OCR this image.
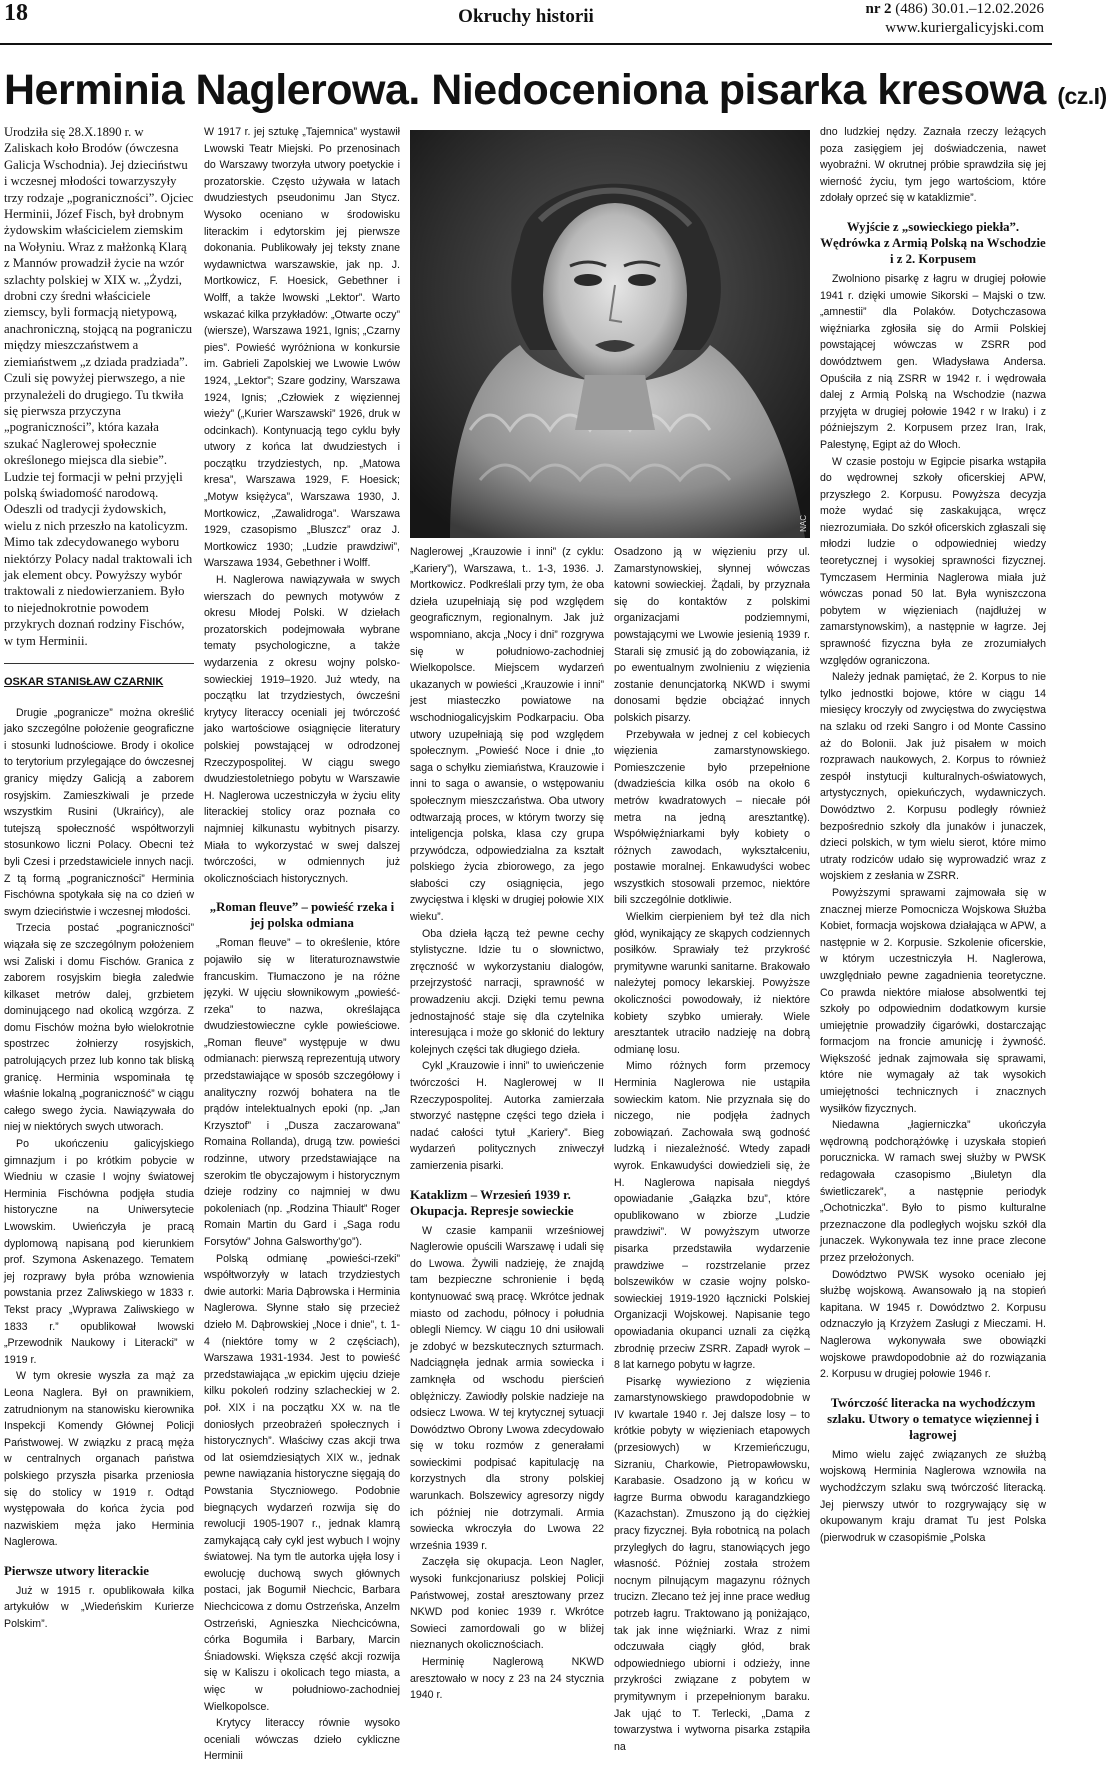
18	Okruchy historii	nr 2 (486) 30.01.–12.02.2026
www.kuriergalicyjski.com
Herminia Naglerowa. Niedoceniona pisarka kresowa (cz.I)

Urodziła się 28.X.1890 r. w Zaliskach koło Brodów (ówczesna Galicja Wschodnia). Jej dzieciństwu i wczesnej młodości towarzyszyły trzy rodzaje „pograniczności”. Ojciec Herminii, Józef Fisch, był drobnym żydowskim właścicielem ziemskim na Wołyniu. Wraz z małżonką Klarą z Mannów prowadził życie na wzór szlachty polskiej w XIX w. „Żydzi, drobni czy średni właściciele ziemscy, byli formacją nietypową, anachroniczną, stojącą na pograniczu między mieszczaństwem a ziemiaństwem „z dziada pradziada”. Czuli się powyżej pierwszego, a nie przynależeli do drugiego. Tu tkwiła się pierwsza przyczyna „pograniczności”, która kazała szukać Naglerowej społecznie określonego miejsca dla siebie”. Ludzie tej formacji w pełni przyjęli polską świadomość narodową. Odeszli od tradycji żydowskich, wielu z nich przeszło na katolicyzm. Mimo tak zdecydowanego wyboru niektórzy Polacy nadal traktowali ich jak element obcy. Powyższy wybór traktowali z niedowierzaniem. Było to niejednokrotnie powodem przykrych doznań rodziny Fischów, w tym Herminii.

OSKAR STANISŁAW CZARNIK

Drugie „pogranicze” można określić jako szczególne położenie geograficzne i stosunki ludnościowe. Brody i okolice to terytorium przylegające do ówczesnej granicy między Galicją a zaborem rosyjskim. Zamieszkiwali je przede wszystkim Rusini (Ukraińcy), ale tutejszą społeczność współtworzyli stosunkowo liczni Polacy. Obecni też byli Czesi i przedstawiciele innych nacji. Z tą formą „pograniczności” Herminia Fischówna spotykała się na co dzień w swym dzieciństwie i wczesnej młodości.

Trzecia postać „pograniczności” wiązała się ze szczególnym położeniem wsi Zaliski i domu Fischów. Granica z zaborem rosyjskim biegła zaledwie kilkaset metrów dalej, grzbietem dominującego nad okolicą wzgórza. Z domu Fischów można było wielokrotnie spostrzec żołnierzy rosyjskich, patrolujących przez lub konno tak bliską granicę. Herminia wspominała tę właśnie lokalną „pograniczność” w ciągu całego swego życia. Nawiązywała do niej w niektórych swych utworach.

Po ukończeniu galicyjskiego gimnazjum i po krótkim pobycie w Wiedniu w czasie I wojny światowej Herminia Fischówna podjęła studia historyczne na Uniwersytecie Lwowskim. Uwieńczyła je pracą dyplomową napisaną pod kierunkiem prof. Szymona Askenazego. Tematem jej rozprawy była próba wznowienia powstania przez Zaliwskiego w 1833 r. Tekst pracy „Wyprawa Zaliwskiego w 1833 r.” opublikował lwowski „Przewodnik Naukowy i Literacki” w 1919 r.

W tym okresie wyszła za mąż za Leona Naglera. Był on prawnikiem, zatrudnionym na stanowisku kierownika Inspekcji Komendy Głównej Policji Państwowej. W związku z pracą męża w centralnych organach państwa polskiego przyszła pisarka przeniosła się do stolicy w 1919 r. Odtąd występowała do końca życia pod nazwiskiem męża jako Herminia Naglerowa.

Pierwsze utwory literackie

Już w 1915 r. opublikowała kilka artykułów w „Wiedeńskim Kurierze Polskim”.

W 1917 r. jej sztukę „Tajemnica” wystawił Lwowski Teatr Miejski. Po przenosinach do Warszawy tworzyła utwory poetyckie i prozatorskie. Często używała w latach dwudziestych pseudonimu Jan Stycz. Wysoko oceniano w środowisku literackim i edytorskim jej pierwsze dokonania. Publikowały jej teksty znane wydawnictwa warszawskie, jak np. J. Mortkowicz, F. Hoesick, Gebethner i Wolff, a także lwowski „Lektor”. Warto wskazać kilka przykładów: „Otwarte oczy” (wiersze), Warszawa 1921, Ignis; „Czarny pies”. Powieść wyróżniona w konkursie im. Gabrieli Zapolskiej we Lwowie Lwów 1924, „Lektor”; Szare godziny, Warszawa 1924, Ignis; „Człowiek z więziennej wieży” („Kurier Warszawski” 1926, druk w odcinkach). Kontynuacją tego cyklu były utwory z końca lat dwudziestych i początku trzydziestych, np. „Matowa kresa”, Warszawa 1929, F. Hoesick; „Motyw księżyca”, Warszawa 1930, J. Mortkowicz, „Zawalidroga”. Warszawa 1929, czasopismo „Bluszcz” oraz J. Mortkowicz 1930; „Ludzie prawdziwi”, Warszawa 1934, Gebethner i Wolff.

H. Naglerowa nawiązywała w swych wierszach do pewnych motywów z okresu Młodej Polski. W dziełach prozatorskich podejmowała wybrane tematy psychologiczne, a także wydarzenia z okresu wojny polsko-sowieckiej 1919–1920. Już wtedy, na początku lat trzydziestych, ówcześni krytycy literaccy oceniali jej twórczość jako wartościowe osiągnięcie literatury polskiej powstającej w odrodzonej Rzeczypospolitej. W ciągu swego dwudziestoletniego pobytu w Warszawie H. Naglerowa uczestniczyła w życiu elity literackiej stolicy oraz poznała co najmniej kilkunastu wybitnych pisarzy. Miała to wykorzystać w swej dalszej twórczości, w odmiennych już okolicznościach historycznych.

„Roman fleuve” – powieść rzeka i jej polska odmiana

„Roman fleuve” – to określenie, które pojawiło się w literaturoznawstwie francuskim. Tłumaczono je na różne języki. W ujęciu słownikowym „powieść-rzeka” to nazwa, określająca dwudziestowieczne cykle powieściowe. „Roman fleuve” występuje w dwu odmianach: pierwszą reprezentują utwory przedstawiające w sposób szczegółowy i analityczny rozwój bohatera na tle prądów intelektualnych epoki (np. „Jan Krzysztof” i „Dusza zaczarowana” Romaina Rollanda), drugą tzw. powieści rodzinne, utwory przedstawiające na szerokim tle obyczajowym i historycznym dzieje rodziny co najmniej w dwu pokoleniach (np. „Rodzina Thiault” Roger Romain Martin du Gard i „Saga rodu Forsytów” Johna Galsworthy'go”).

Polską odmianę „powieści-rzeki” współtworzyły w latach trzydziestych dwie autorki: Maria Dąbrowska i Herminia Naglerowa. Słynne stało się przecież dzieło M. Dąbrowskiej „Noce i dnie”, t. 1-4 (niektóre tomy w 2 częściach), Warszawa 1931-1934. Jest to powieść przedstawiająca „w epickim ujęciu dzieje kilku pokoleń rodziny szlacheckiej w 2. poł. XIX i na początku XX w. na tle doniosłych przeobrażeń społecznych i historycznych”. Właściwy czas akcji trwa od lat osiemdziesiątych XIX w., jednak pewne nawiązania historyczne sięgają do Powstania Styczniowego. Podobnie biegnących wydarzeń rozwija się do rewolucji 1905-1907 r., jednak klamrą zamykającą cały cykl jest wybuch I wojny światowej. Na tym tle autorka ujęła losy i ewolucję duchową swych głównych postaci, jak Bogumił Niechcic, Barbara Niechcicowa z domu Ostrzeńska, Anzelm Ostrzeński, Agnieszka Niechcicówna, córka Bogumiła i Barbary, Marcin Śniadowski. Większa część akcji rozwija się w Kaliszu i okolicach tego miasta, a więc w południowo-zachodniej Wielkopolsce.

Krytycy literaccy równie wysoko oceniali wówczas dzieło cykliczne Herminii

NAC

Naglerowej „Krauzowie i inni” (z cyklu: „Kariery”), Warszawa, t.. 1-3, 1936. J. Mortkowicz. Podkreślali przy tym, że oba dzieła uzupełniają się pod względem geograficznym, regionalnym. Jak już wspomniano, akcja „Nocy i dni” rozgrywa się w południowo-zachodniej Wielkopolsce. Miejscem wydarzeń ukazanych w powieści „Krauzowie i inni” jest miasteczko powiatowe na wschodniogalicyjskim Podkarpaciu. Oba utwory uzupełniają się pod względem społecznym. „Powieść Noce i dnie „to saga o schyłku ziemiaństwa, Krauzowie i inni to saga o awansie, o wstępowaniu społecznym mieszczaństwa. Oba utwory odtwarzają proces, w którym tworzy się inteligencja polska, klasa czy grupa przywódcza, odpowiedzialna za kształt polskiego życia zbiorowego, za jego słabości czy osiągnięcia, jego zwycięstwa i klęski w drugiej połowie XIX wieku”.

Oba dzieła łączą też pewne cechy stylistyczne. Idzie tu o słownictwo, zręczność w wykorzystaniu dialogów, przejrzystość narracji, sprawność w prowadzeniu akcji. Dzięki temu pewna jednostajność staje się dla czytelnika interesująca i może go skłonić do lektury kolejnych części tak długiego dzieła.

Cykl „Krauzowie i inni” to uwieńczenie twórczości H. Naglerowej w II Rzeczypospolitej. Autorka zamierzała stworzyć następne części tego dzieła i nadać całości tytuł „Kariery”. Bieg wydarzeń politycznych zniweczył zamierzenia pisarki.

Kataklizm – Wrzesień 1939 r. Okupacja. Represje sowieckie

W czasie kampanii wrześniowej Naglerowie opuścili Warszawę i udali się do Lwowa. Żywili nadzieję, że znajdą tam bezpieczne schronienie i będą kontynuować swą pracę. Wkrótce jednak miasto od zachodu, północy i południa oblegli Niemcy. W ciągu 10 dni usiłowali je zdobyć w bezskutecznych szturmach. Nadciągnęła jednak armia sowiecka i zamknęła od wschodu pierścień oblężniczy. Zawiodły polskie nadzieje na odsiecz Lwowa. W tej krytycznej sytuacji Dowództwo Obrony Lwowa zdecydowało się w toku rozmów z generałami sowieckimi podpisać kapitulację na korzystnych dla strony polskiej warunkach. Bolszewicy agresorzy nigdy ich później nie dotrzymali. Armia sowiecka wkroczyła do Lwowa 22 września 1939 r.

Zaczęła się okupacja. Leon Nagler, wysoki funkcjonariusz polskiej Policji Państwowej, został aresztowany przez NKWD pod koniec 1939 r. Wkrótce Sowieci zamordowali go w bliżej nieznanych okolicznościach.

Herminię Naglerową NKWD aresztowało w nocy z 23 na 24 stycznia 1940 r.

Osadzono ją w więzieniu przy ul. Zamarstynowskiej, słynnej wówczas katowni sowieckiej. Żądali, by przyznała się do kontaktów z polskimi organizacjami podziemnymi, powstającymi we Lwowie jesienią 1939 r. Starali się zmusić ją do zobowiązania, iż po ewentualnym zwolnieniu z więzienia zostanie denuncjatorką NKWD i swymi donosami będzie obciążać innych polskich pisarzy.

Przebywała w jednej z cel kobiecych więzienia zamarstynowskiego. Pomieszczenie było przepełnione (dwadzieścia kilka osób na około 6 metrów kwadratowych – niecałe pół metra na jedną aresztantkę). Współwięźniarkami były kobiety o różnych zawodach, wykształceniu, postawie moralnej. Enkawudyści wobec wszystkich stosowali przemoc, niektóre bili szczególnie dotkliwie.

Wielkim cierpieniem był też dla nich głód, wynikający ze skąpych codziennych posiłków. Sprawiały też przykrość prymitywne warunki sanitarne. Brakowało należytej pomocy lekarskiej. Powyższe okoliczności powodowały, iż niektóre kobiety szybko umierały. Wiele aresztantek utraciło nadzieję na dobrą odmianę losu.

Mimo różnych form przemocy Herminia Naglerowa nie ustąpiła sowieckim katom. Nie przyznała się do niczego, nie podjęła żadnych zobowiązań. Zachowała swą godność ludzką i niezależność. Wtedy zapadł wyrok. Enkawudyści dowiedzieli się, że H. Naglerowa napisała niegdyś opowiadanie „Gałązka bzu”, które opublikowano w zbiorze „Ludzie prawdziwi”. W powyższym utworze pisarka przedstawiła wydarzenie prawdziwe – rozstrzelanie przez bolszewików w czasie wojny polsko-sowieckiej 1919-1920 łącznicki Polskiej Organizacji Wojskowej. Napisanie tego opowiadania okupanci uznali za ciężką zbrodnię przeciw ZSRR. Zapadł wyrok – 8 lat karnego pobytu w łagrze.

Pisarkę wywieziono z więzienia zamarstynowskiego prawdopodobnie w IV kwartale 1940 r. Jej dalsze losy – to krótkie pobyty w więzieniach etapowych (przesiowych) w Krzemieńczugu, Sizraniu, Charkowie, Pietropawłowsku, Karabasie. Osadzono ją w końcu w łagrze Burma obwodu karagandzkiego (Kazachstan). Zmuszono ją do ciężkiej pracy fizycznej. Była robotnicą na polach przyległych do łagru, stanowiących jego własność. Później została strożem nocnym pilnującym magazynu różnych trucizn. Zlecano też jej inne prace według potrzeb łagru. Traktowano ją poniżająco, tak jak inne więźniarki. Wraz z nimi odczuwała ciągły głód, brak odpowiedniego ubiorni i odzieży, inne przykrości związane z pobytem w prymitywnym i przepełnionym baraku. Jak ująć to T. Terlecki, „Dama z towarzystwa i wytworna pisarka zstąpiła na

dno ludzkiej nędzy. Zaznała rzeczy leżących poza zasięgiem jej doświadczenia, nawet wyobraźni. W okrutnej próbie sprawdziła się jej wierność życiu, tym jego wartościom, które zdołały oprzeć się w kataklizmie”.

Wyjście z „sowieckiego piekła”. Wędrówka z Armią Polską na Wschodzie i z 2. Korpusem

Zwolniono pisarkę z łagru w drugiej połowie 1941 r. dzięki umowie Sikorski – Majski o tzw. „amnestii” dla Polaków. Dotychczasowa więźniarka zgłosiła się do Armii Polskiej powstającej wówczas w ZSRR pod dowództwem gen. Władysława Andersa. Opuściła z nią ZSRR w 1942 r. i wędrowała dalej z Armią Polską na Wschodzie (nazwa przyjęta w drugiej połowie 1942 r w Iraku) i z późniejszym 2. Korpusem przez Iran, Irak, Palestynę, Egipt aż do Włoch.

W czasie postoju w Egipcie pisarka wstąpiła do wędrownej szkoły oficerskiej APW, przyszłego 2. Korpusu. Powyższa decyzja może wydać się zaskakująca, wręcz niezrozumiała. Do szkół oficerskich zgłaszali się młodzi ludzie o odpowiedniej wiedzy teoretycznej i wysokiej sprawności fizycznej. Tymczasem Herminia Naglerowa miała już wówczas ponad 50 lat. Była wyniszczona pobytem w więzieniach (najdłużej w zamarstynowskim), a następnie w łagrze. Jej sprawność fizyczna była ze zrozumiałych względów ograniczona.

Należy jednak pamiętać, że 2. Korpus to nie tylko jednostki bojowe, które w ciągu 14 miesięcy kroczyły od zwycięstwa do zwycięstwa na szlaku od rzeki Sangro i od Monte Cassino aż do Bolonii. Jak już pisałem w moich rozprawach naukowych, 2. Korpus to również zespół instytucji kulturalnych-oświatowych, artystycznych, opiekuńczych, wydawniczych. Dowództwo 2. Korpusu podległy również bezpośrednio szkoły dla junaków i junaczek, dzieci polskich, w tym wielu sierot, które mimo utraty rodziców udało się wyprowadzić wraz z wojskiem z zesłania w ZSRR.

Powyższymi sprawami zajmowała się w znacznej mierze Pomocnicza Wojskowa Służba Kobiet, formacja wojskowa działająca w APW, a następnie w 2. Korpusie. Szkolenie oficerskie, w którym uczestniczyła H. Naglerowa, uwzględniało pewne zagadnienia teoretyczne. Co prawda niektóre miałose absolwentki tej szkoły po odpowiednim dodatkowym kursie umiejętnie prowadziły ćigarówki, dostarczając formacjom na froncie amunicję i żywność. Większość jednak zajmowała się sprawami, które nie wymagały aż tak wysokich umiejętności technicznych i znacznych wysiłków fizycznych.

Niedawna „łagierniczka” ukończyła wędrowną podchorążówkę i uzyskała stopień porucznicka. W ramach swej służby w PWSK redagowała czasopismo „Biuletyn dla świetliczarek”, a następnie periodyk „Ochotniczka”. Było to pismo kulturalne przeznaczone dla podległych wojsku szkół dla junaczek. Wykonywała tez inne prace zlecone przez przełożonych.

Dowództwo PWSK wysoko oceniało jej służbę wojskową. Awansowało ją na stopień kapitana. W 1945 r. Dowództwo 2. Korpusu odznaczyło ją Krzyżem Zasługi z Mieczami. H. Naglerowa wykonywała swe obowiązki wojskowe prawdopodobnie aż do rozwiązania 2. Korpusu w drugiej połowie 1946 r.

Twórczość literacka na wychodźczym szlaku. Utwory o tematyce więziennej i łagrowej

Mimo wielu zajęć związanych ze służbą wojskową Herminia Naglerowa wznowiła na wychodźczym szlaku swą twórczość literacką. Jej pierwszy utwór to rozgrywający się w okupowanym kraju dramat Tu jest Polska (pierwodruk w czasopiśmie „Polska
